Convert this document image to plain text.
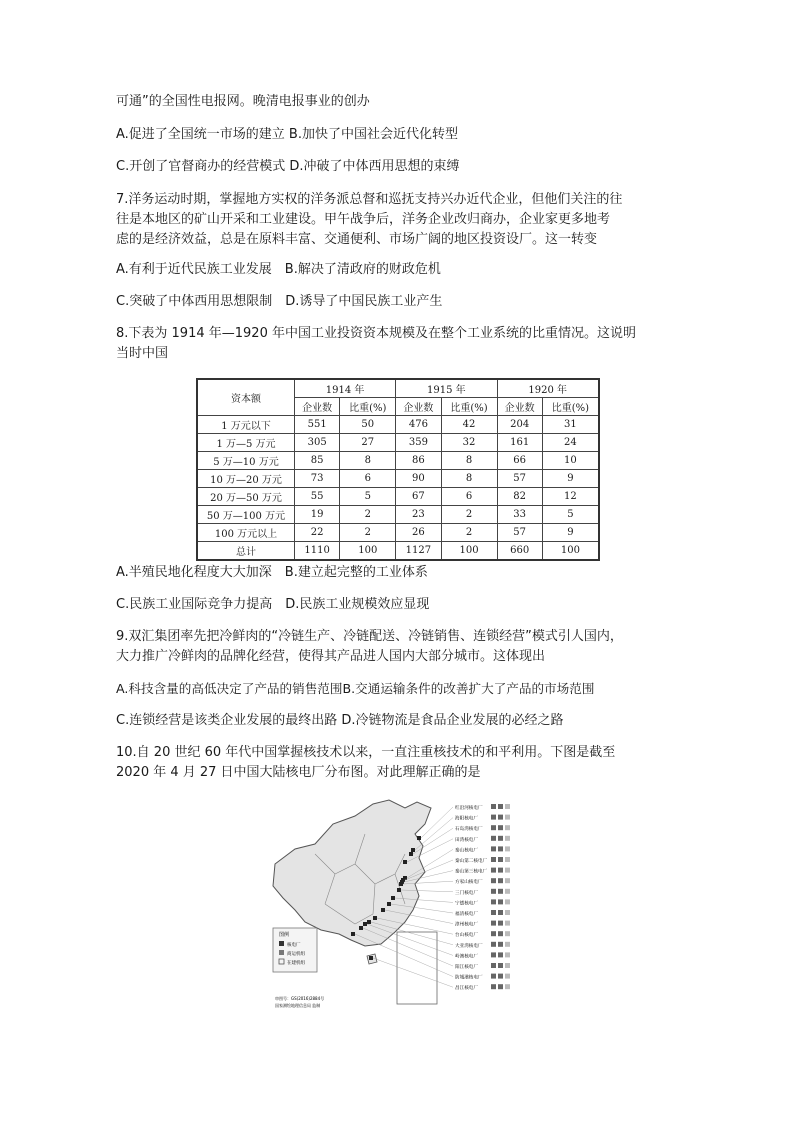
可通”的全国性电报网。晚清电报事业的创办
A.促进了全国统一市场的建立 B.加快了中国社会近代化转型
C.开创了官督商办的经营模式 D.冲破了中体西用思想的束缚
7.洋务运动时期，掌握地方实权的洋务派总督和巡抚支持兴办近代企业，但他们关注的往
往是本地区的矿山开采和工业建设。甲午战争后，洋务企业改归商办，企业家更多地考
虑的是经济效益，总是在原料丰富、交通便利、市场广阔的地区投资设厂。这一转变
A.有利于近代民族工业发展　B.解决了清政府的财政危机
C.突破了中体西用思想限制　D.诱导了中国民族工业产生
8.下表为 1914 年—1920 年中国工业投资资本规模及在整个工业系统的比重情况。这说明
当时中国
资本额	1914 年		1915 年		1920 年	
	企业数	比重(%)	企业数	比重(%)	企业数	比重(%)
1 万元以下	551	50	476	42	204	31
1 万—5 万元	305	27	359	32	161	24
5 万—10 万元	85	8	86	8	66	10
10 万—20 万元	73	6	90	8	57	9
20 万—50 万元	55	5	67	6	82	12
50 万—100 万元	19	2	23	2	33	5
100 万元以上	22	2	26	2	57	9
总计	1110	100	1127	100	660	100
A.半殖民地化程度大大加深　B.建立起完整的工业体系
C.民族工业国际竞争力提高　D.民族工业规模效应显现
9.双汇集团率先把冷鲜肉的“冷链生产、冷链配送、冷链销售、连锁经营”模式引人国内，
大力推广冷鲜肉的品牌化经营，使得其产品进人国内大部分城市。这体现出
A.科技含量的高低决定了产品的销售范围B.交通运输条件的改善扩大了产品的市场范围
C.连锁经营是该类企业发展的最终出路 D.冷链物流是食品企业发展的必经之路
10.自 20 世纪 60 年代中国掌握核技术以来，一直注重核技术的和平利用。下图是截至
2020 年 4 月 27 日中国大陆核电厂分布图。对此理解正确的是
红沿河核电厂
海阳核电厂
石岛湾核电厂
田湾核电厂
秦山核电厂
秦山第二核电厂
秦山第三核电厂
方家山核电厂
三门核电厂
宁德核电厂
福清核电厂
漳州核电厂
台山核电厂
大亚湾核电厂
岭澳核电厂
阳江核电厂
防城港核电厂
昌江核电厂
图例
核电厂
商运机组
在建机组
审图号：GS(2016)2884号
国家测绘地理信息局 监制
